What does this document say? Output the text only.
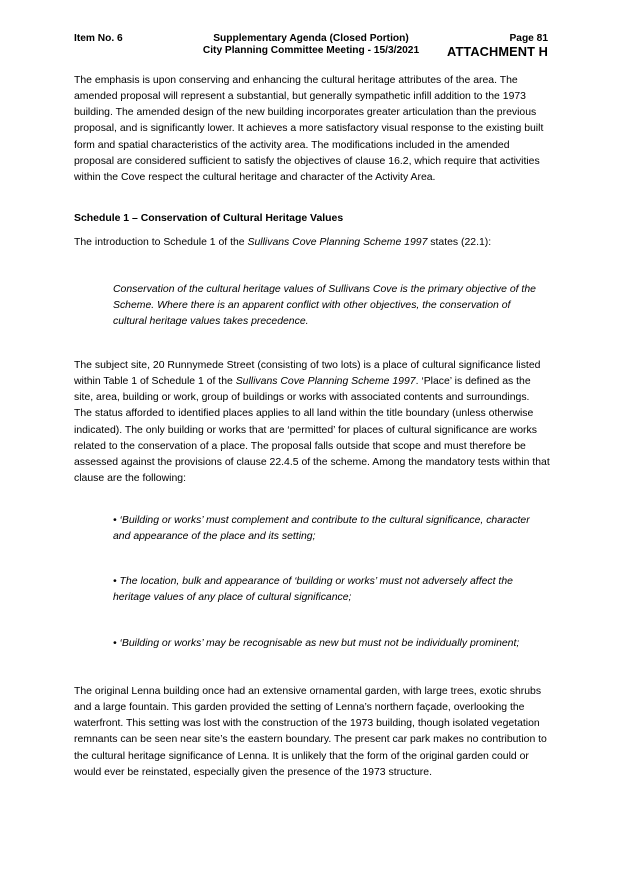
Item No. 6	Supplementary Agenda (Closed Portion)
City Planning Committee Meeting - 15/3/2021
Page 81
ATTACHMENT H

The emphasis is upon conserving and enhancing the cultural heritage attributes of the area. The amended proposal will represent a substantial, but generally sympathetic infill addition to the 1973 building. The amended design of the new building incorporates greater articulation than the previous proposal, and is significantly lower. It achieves a more satisfactory visual response to the existing built form and spatial characteristics of the activity area. The modifications included in the amended proposal are considered sufficient to satisfy the objectives of clause 16.2, which require that activities within the Cove respect the cultural heritage and character of the Activity Area.

Schedule 1 – Conservation of Cultural Heritage Values

The introduction to Schedule 1 of the Sullivans Cove Planning Scheme 1997 states (22.1):

Conservation of the cultural heritage values of Sullivans Cove is the primary objective of the Scheme. Where there is an apparent conflict with other objectives, the conservation of cultural heritage values takes precedence.

The subject site, 20 Runnymede Street (consisting of two lots) is a place of cultural significance listed within Table 1 of Schedule 1 of the Sullivans Cove Planning Scheme 1997. ‘Place’ is defined as the site, area, building or work, group of buildings or works with associated contents and surroundings. The status afforded to identified places applies to all land within the title boundary (unless otherwise indicated). The only building or works that are ‘permitted’ for places of cultural significance are works related to the conservation of a place. The proposal falls outside that scope and must therefore be assessed against the provisions of clause 22.4.5 of the scheme. Among the mandatory tests within that clause are the following:

• ‘Building or works’ must complement and contribute to the cultural significance, character and appearance of the place and its setting;

• The location, bulk and appearance of ‘building or works’ must not adversely affect the heritage values of any place of cultural significance;

• ‘Building or works’ may be recognisable as new but must not be individually prominent;

The original Lenna building once had an extensive ornamental garden, with large trees, exotic shrubs and a large fountain. This garden provided the setting of Lenna’s northern façade, overlooking the waterfront. This setting was lost with the construction of the 1973 building, though isolated vegetation remnants can be seen near site’s the eastern boundary. The present car park makes no contribution to the cultural heritage significance of Lenna. It is unlikely that the form of the original garden could or would ever be reinstated, especially given the presence of the 1973 structure.
